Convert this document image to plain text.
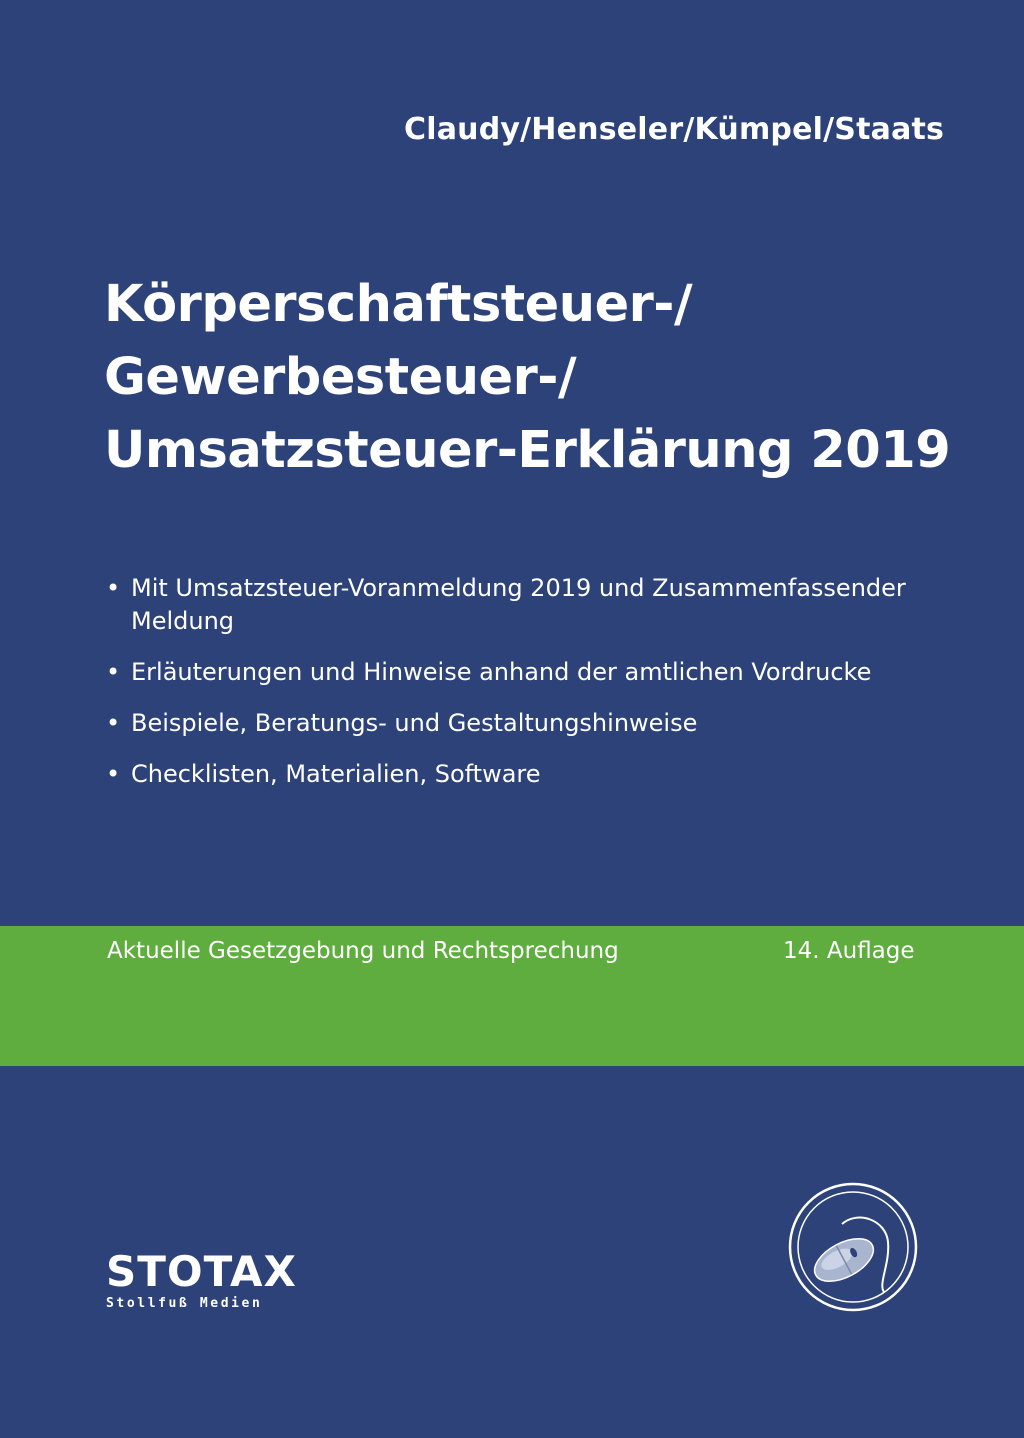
Claudy/Henseler/Kümpel/Staats
Körperschaftsteuer-/
Gewerbesteuer-/
Umsatzsteuer-Erklärung 2019
• Mit Umsatzsteuer-Voranmeldung 2019 und Zusammenfassender Meldung
• Erläuterungen und Hinweise anhand der amtlichen Vordrucke
• Beispiele, Beratungs- und Gestaltungshinweise
• Checklisten, Materialien, Software
Aktuelle Gesetzgebung und Rechtsprechung	14. Auflage
STOTAX
Stollfuß Medien
